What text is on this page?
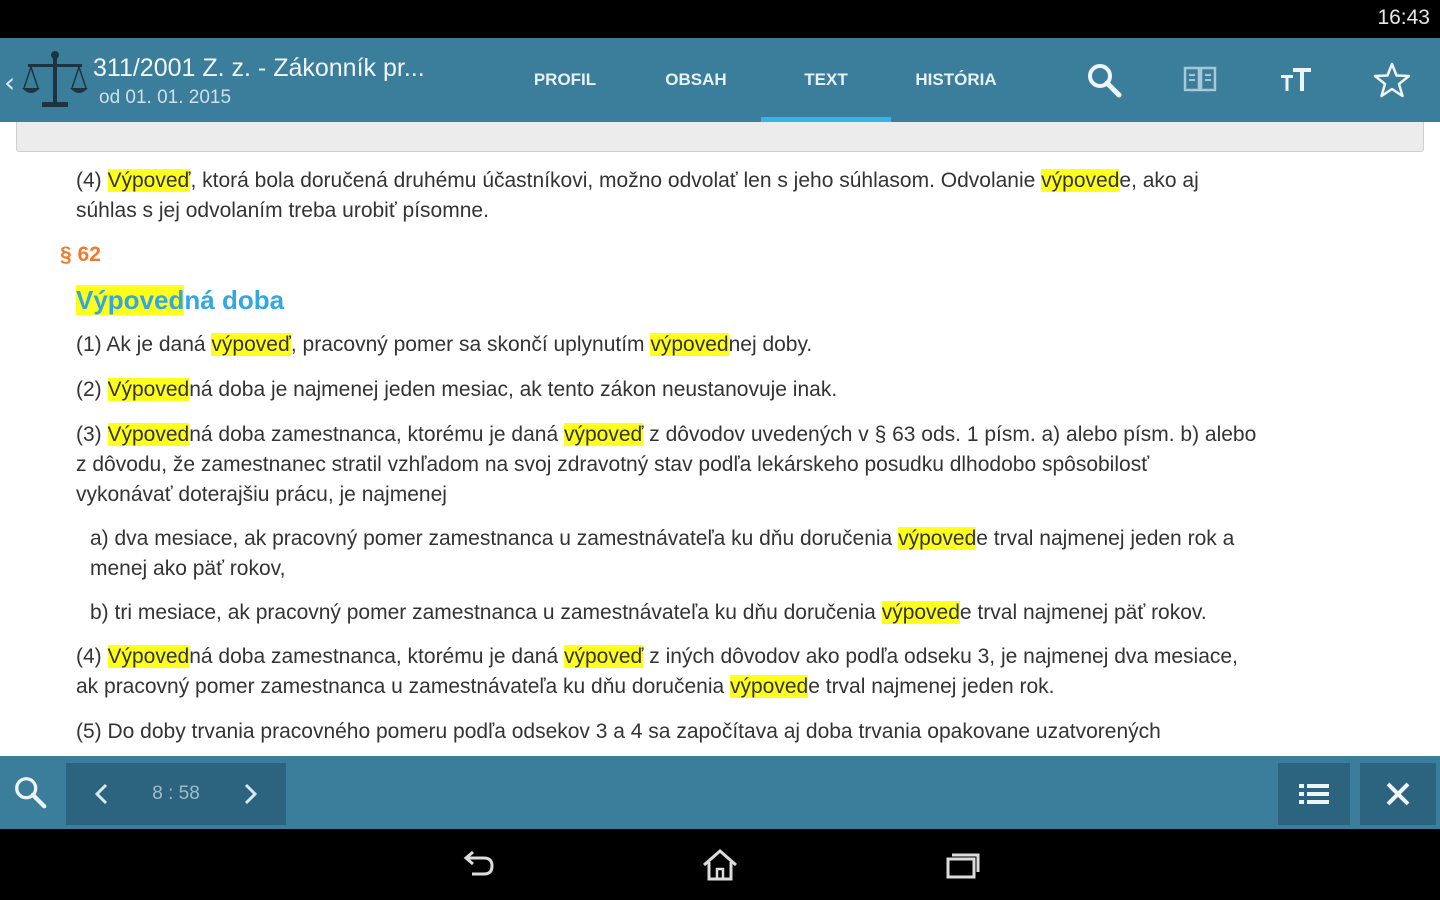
16:43
‹	311/2001 Z. z. - Zákonník pr...
od 01. 01. 2015
PROFIL	OBSAH	TEXT	HISTÓRIA
(4) Výpoveď, ktorá bola doručená druhému účastníkovi, možno odvolať len s jeho súhlasom. Odvolanie výpovede, ako aj
súhlas s jej odvolaním treba urobiť písomne.
§ 62
Výpovedná doba
(1) Ak je daná výpoveď, pracovný pomer sa skončí uplynutím výpovednej doby.
(2) Výpovedná doba je najmenej jeden mesiac, ak tento zákon neustanovuje inak.
(3) Výpovedná doba zamestnanca, ktorému je daná výpoveď z dôvodov uvedených v § 63 ods. 1 písm. a) alebo písm. b) alebo
z dôvodu, že zamestnanec stratil vzhľadom na svoj zdravotný stav podľa lekárskeho posudku dlhodobo spôsobilosť
vykonávať doterajšiu prácu, je najmenej
a) dva mesiace, ak pracovný pomer zamestnanca u zamestnávateľa ku dňu doručenia výpovede trval najmenej jeden rok a
menej ako päť rokov,
b) tri mesiace, ak pracovný pomer zamestnanca u zamestnávateľa ku dňu doručenia výpovede trval najmenej päť rokov.
(4) Výpovedná doba zamestnanca, ktorému je daná výpoveď z iných dôvodov ako podľa odseku 3, je najmenej dva mesiace,
ak pracovný pomer zamestnanca u zamestnávateľa ku dňu doručenia výpovede trval najmenej jeden rok.
(5) Do doby trvania pracovného pomeru podľa odsekov 3 a 4 sa započítava aj doba trvania opakovane uzatvorených
8 : 58
